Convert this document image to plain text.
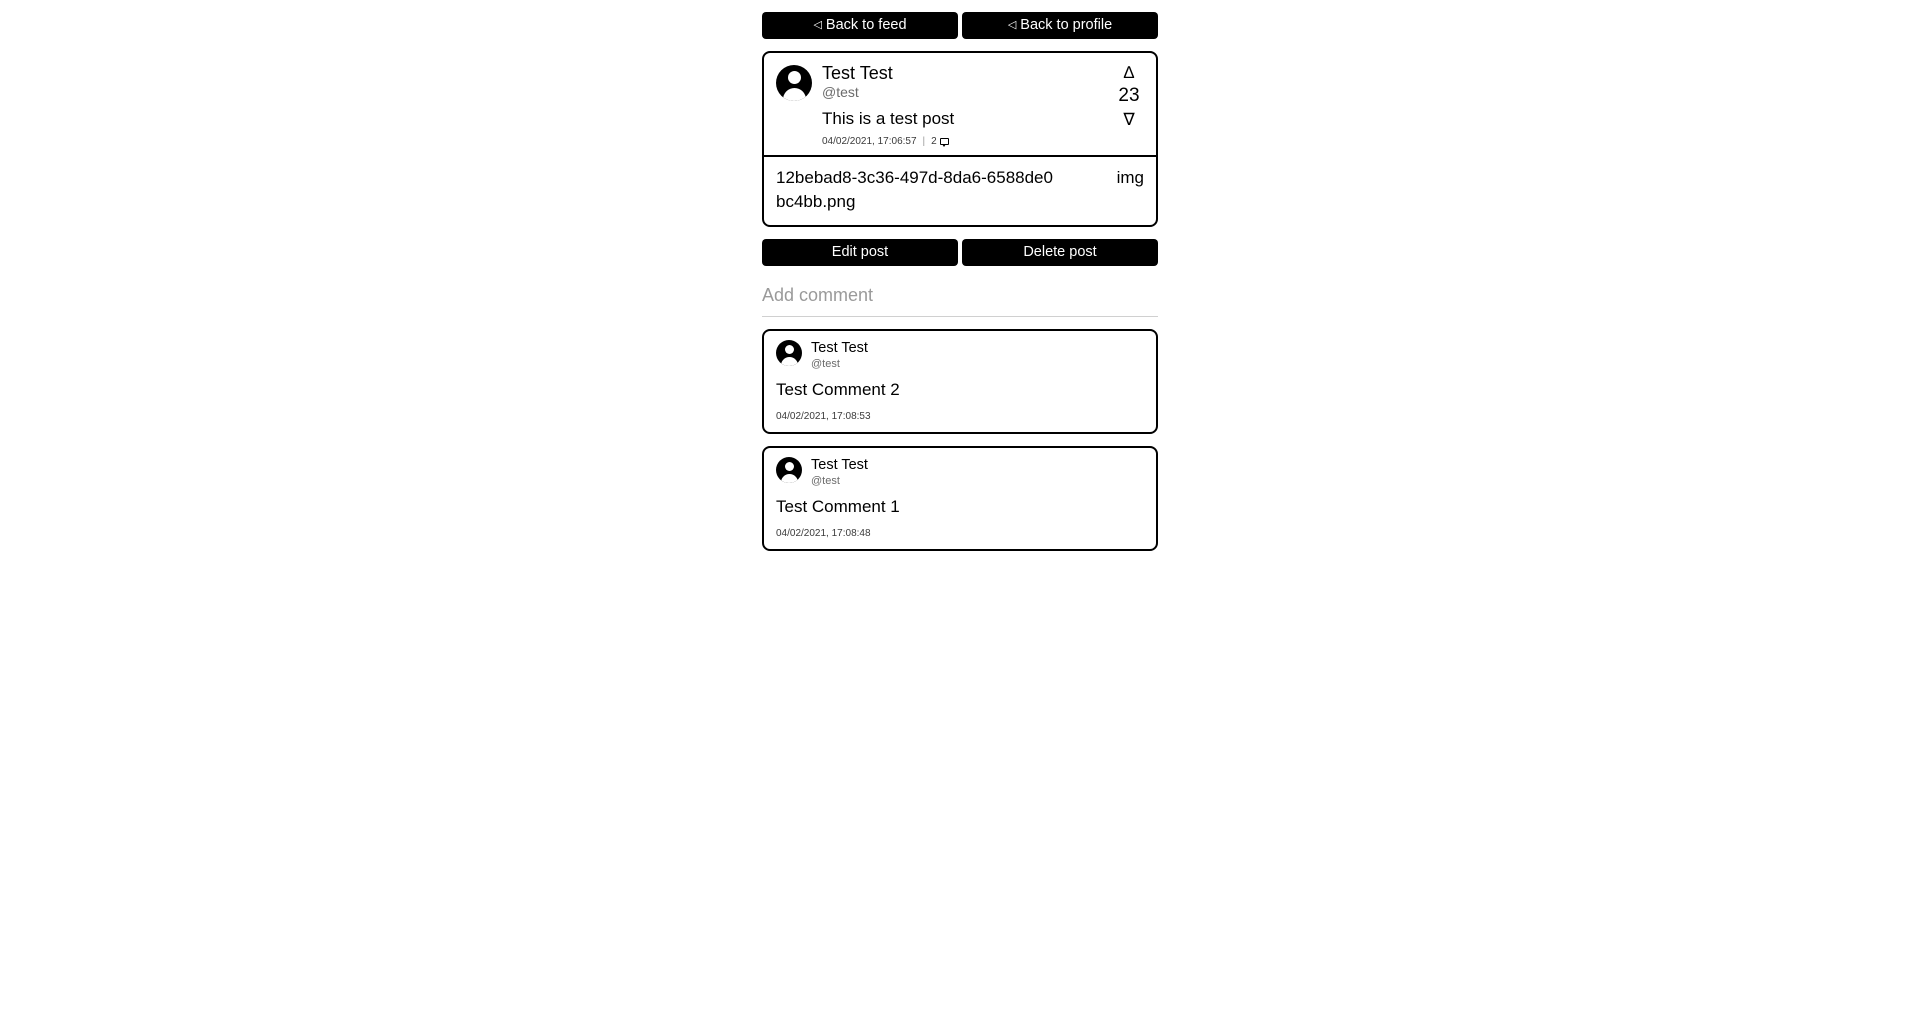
◁ Back to feed	◁ Back to profile
Test Test
@test
This is a test post
04/02/2021, 17:06:57 | 2
∆
23
∇
12bebad8-3c36-497d-8da6-6588de0bc4bb.png
img
Edit post	Delete post
Add comment
Test Test
@test
Test Comment 2
04/02/2021, 17:08:53
Test Test
@test
Test Comment 1
04/02/2021, 17:08:48
